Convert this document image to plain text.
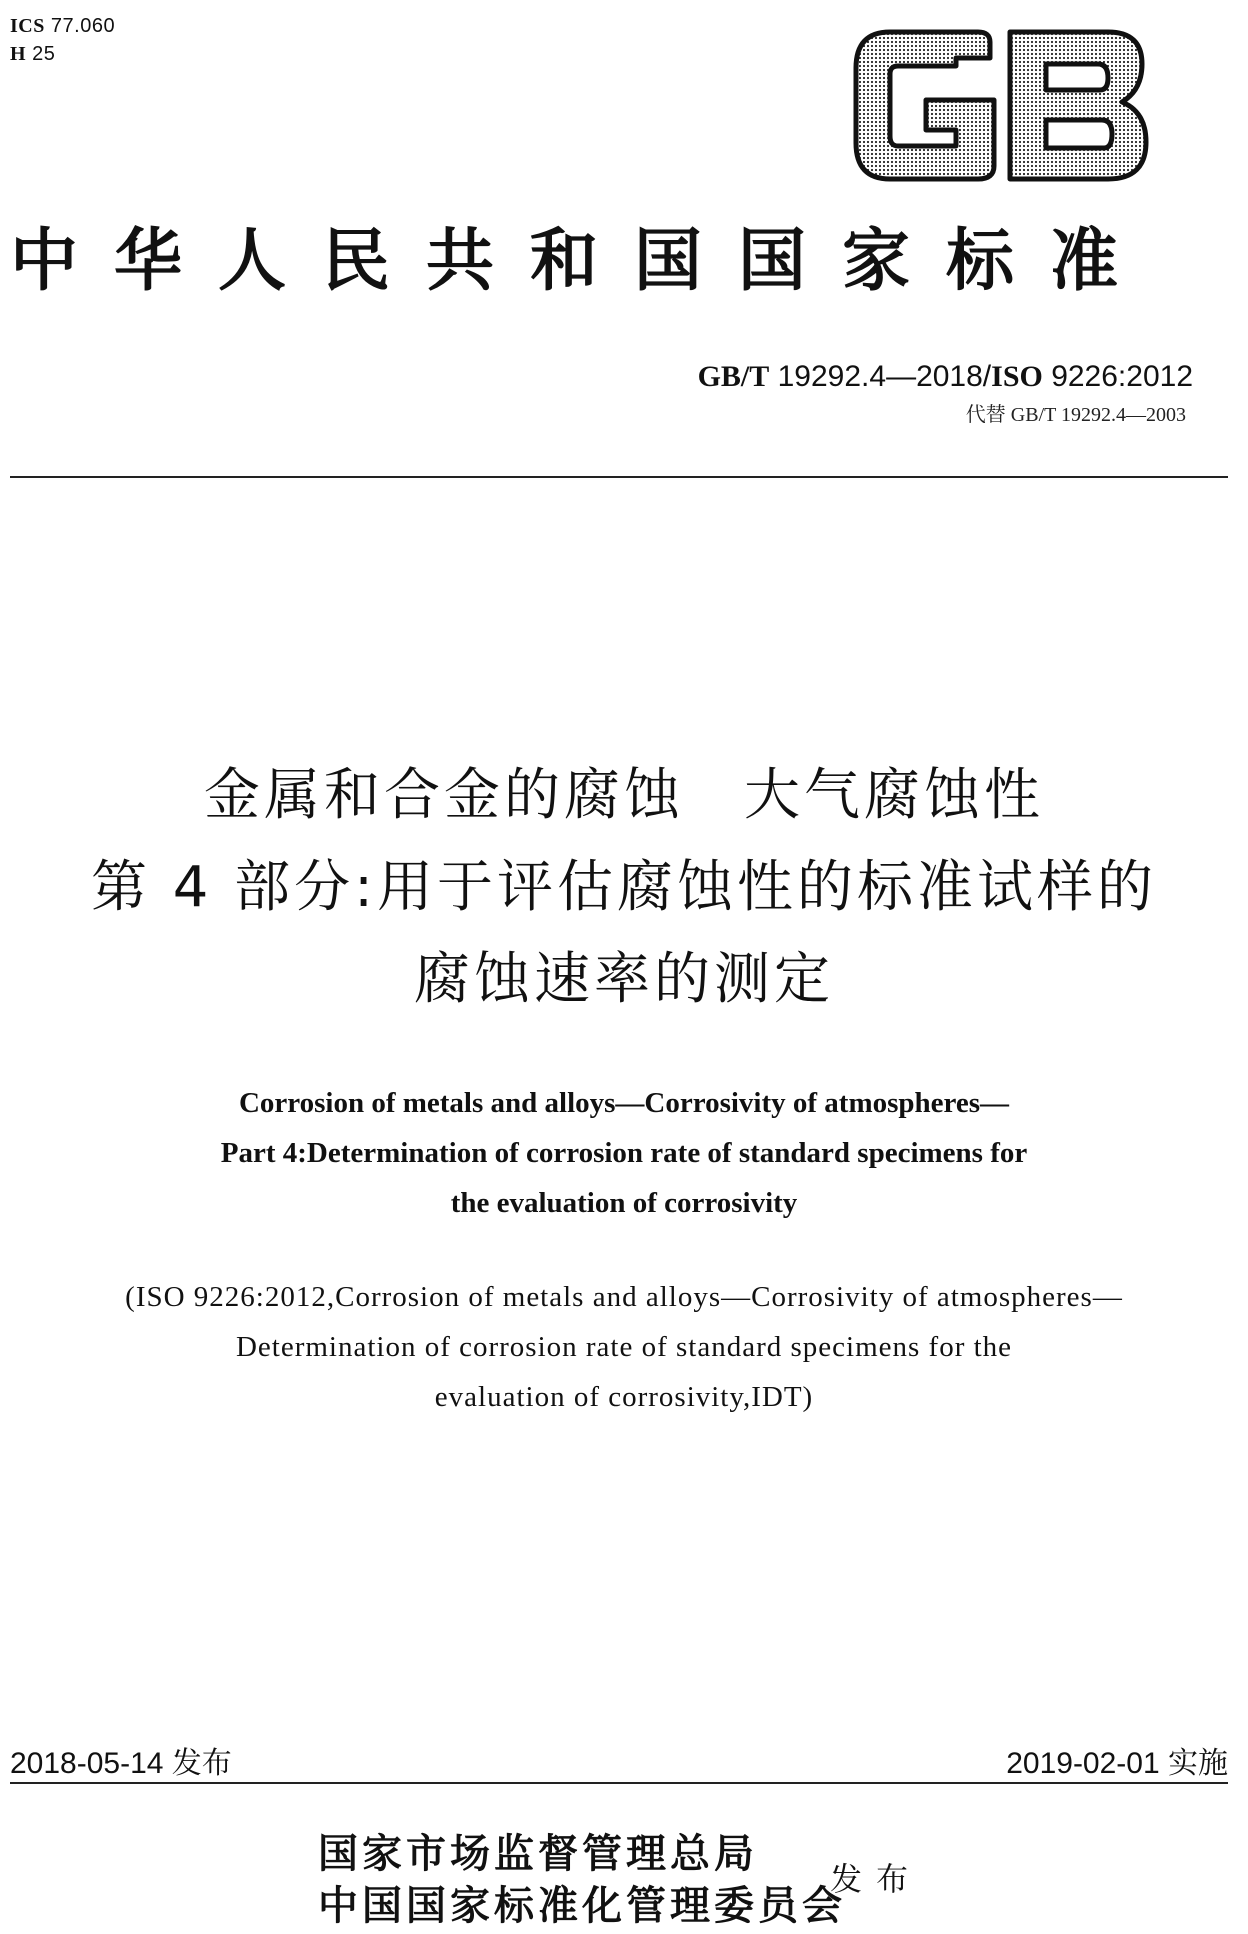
ICS 77.060
H 25
中华人民共和国国家标准
GB/T 19292.4—2018/ISO 9226:2012
代替 GB/T 19292.4—2003
金属和合金的腐蚀　大气腐蚀性
第 4 部分:用于评估腐蚀性的标准试样的
腐蚀速率的测定
Corrosion of metals and alloys—Corrosivity of atmospheres—
Part 4:Determination of corrosion rate of standard specimens for
the evaluation of corrosivity
(ISO 9226:2012,Corrosion of metals and alloys—Corrosivity of atmospheres—
Determination of corrosion rate of standard specimens for the
evaluation of corrosivity,IDT)
2018-05-14 发布	2019-02-01 实施
国家市场监督管理总局
中国国家标准化管理委员会
发布
